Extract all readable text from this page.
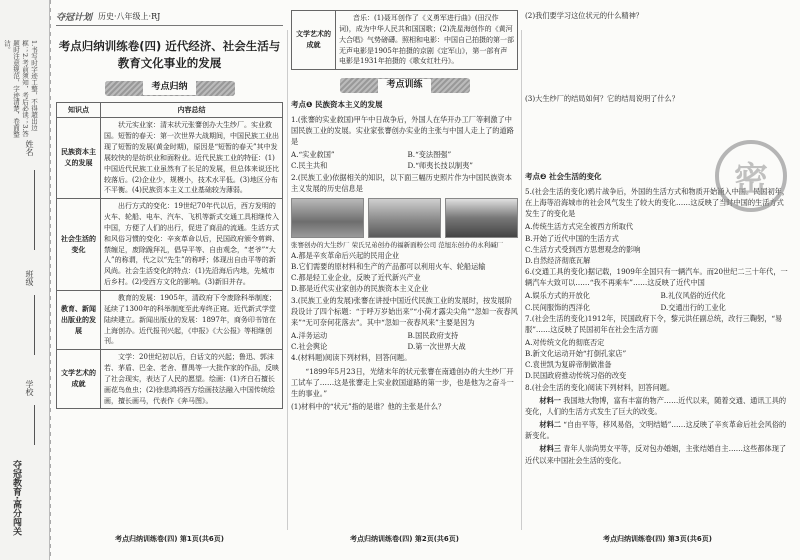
1.书写时字迹工整，不得超出边框；2.考前须知，考后必读；3.答题时注意规范，字迹清楚，卷面整洁。
姓名
班级
学校
夺冠教育·高分闯关
夺冠计划 历史·八年级上·RJ
考点归纳训练卷(四) 近代经济、社会生活与教育文化事业的发展
考点归纳
知识点	内容总结
民族资本主义的发展	状元实业家：清末状元张謇创办大生纱厂。实业救国。短暂的春天：第一次世界大战期间，中国民族工业出现了短暂的发展(黄金时期)，原因是“短暂的春天”其中发展较快的是纺织业和面粉业。近代民族工业的特征：(1)中国近代民族工业虽然有了长足的发展，但总体来说还比较落后。(2)企业少，规模小，技术水平低。(3)地区分布不平衡。(4)民族资本主义工业基础较为薄弱。
社会生活的变化	出行方式的变化：19世纪70年代以后，西方发明的火车、轮船、电车、汽车、飞机等新式交通工具相继传入中国，方便了人们的出行，促进了商品的流通。生活方式和风俗习惯的变化：辛亥革命以后，民国政府颁令剪辫、禁缠足，废除跪拜礼，倡导平等、自由观念，“老爷”“大人”的称谓，代之以“先生”的称呼；体现出自由平等的新风尚。社会生活变化的特点：(1)先沿海后内地，先城市后乡村。(2)受西方文化的影响。(3)新旧并存。
教育、新闻出版业的发展	教育的发展：1905年，清政府下令废除科举制度；延续了1300年的科举制度至此寿终正寝。近代新式学堂陆续建立。新闻出版业的发展：1897年，商务印书馆在上海创办。近代报刊兴起，《申报》《大公报》等相继创刊。
文学艺术的成就	文学：20世纪初以后，白话文的兴起；鲁迅、郭沫若、茅盾、巴金、老舍、曹禺等一大批作家的作品，反映了社会现实，表达了人民的愿望。绘画：(1)齐白石擅长画花鸟鱼虫；(2)徐悲鸿将西方绘画技法融入中国传统绘画，擅长画马，代表作《奔马图》。
考点归纳训练卷(四) 第1页(共6页)
文学艺术的成就	音乐：(1)聂耳创作了《义勇军进行曲》(田汉作词)，成为中华人民共和国国歌；(2)冼星海创作的《黄河大合唱》气势磅礴。照相和电影：中国自己拍摄的第一部无声电影是1905年拍摄的京剧《定军山》，第一部有声电影是1931年拍摄的《歌女红牡丹》。
考点训练
考点❶ 民族资本主义的发展
1.(张謇的实业救国)甲午中日战争后，外国人在华开办工厂等刺激了中国民族工业的发展。实业家张謇创办实业的主张与中国人走上了的道路是
A.“实业救国”	B.“变法图强”
C.民主共和	D.“师夷长技以制夷”
2.(民族工业)依据相关的知识，以下面三幅历史照片作为中国民族资本主义发展的历史信息是
张謇创办的大生纱厂 荣氏兄弟创办的福新面粉公司 范旭东创办的永利碱厂
A.都是辛亥革命后兴起的民用企业
B.它们需要的原材料和生产的产品都可以利用火车、轮船运输
C.都是轻工业企业，反映了近代新兴产业
D.都是近代实业家创办的民族资本主义企业
3.(民族工业的发展)张謇在讲授中国近代民族工业的发展时，按发展阶段设计了四个标题：“于呼万岁始出来”“小荷才露尖尖角”“忽如一夜春风来”“无可奈何花落去”。其中“忽如一夜春风来”主要是因为
A.洋务运动	B.国民政府支持
C.社会舆论	D.第一次世界大战
4.(材料题)阅读下列材料，回答问题。
“1899年5月23日，光绪末年的状元张謇在南通创办的大生纱厂开工试车了……这是张謇走上实业救国道路的第一步，也是他为之奋斗一生的事业。”
(1)材料中的“状元”指的是谁？他的主张是什么？
考点归纳训练卷(四) 第2页(共6页)
(2)我们要学习这位状元的什么精神？
(3)大生纱厂的结局如何？它的结局说明了什么？
考点❷ 社会生活的变化
5.(社会生活的变化)鸦片战争后，外国的生活方式和物质开始涌入中国。民国初年，在上海等沿海城市的社会风气发生了较大的变化……这反映了当时中国的生活方式发生了的变化是
A.传统生活方式完全被西方所取代
B.开始了近代中国的生活方式
C.生活方式受到西方思想观念的影响
D.自然经济彻底瓦解
6.(交通工具的变化)据记载，1909年全国只有一辆汽车。而20世纪二三十年代，一辆汽车大致可以……“我不再乘车”……这反映了近代中国
A.娱乐方式的开放化	B.礼仪风俗的近代化
C.民间服饰的西洋化	D.交通出行的工业化
7.(社会生活的变化)1912年，民国政府下令，黎元洪任副总统，改行三鞠躬，“易服”……这反映了民国初年在社会生活方面
A.对传统文化的彻底否定
B.新文化运动开始“打倒孔家店”
C.袁世凯为复辟帝制做准备
D.民国政府推动传统习俗的改变
8.(社会生活的变化)阅读下列材料，回答问题。
材料一 我国地大物博，富有丰富的物产……近代以来，随着交通、通讯工具的变化，人们的生活方式发生了巨大的改变。
材料二 “自由平等，移风易俗，文明结婚”……这反映了辛亥革命后社会风俗的新变化。
材料三 青年人崇尚男女平等，反对包办婚姻，主张结婚自主……这些都体现了近代以来中国社会生活的变化。
密
考点归纳训练卷(四) 第3页(共6页)
